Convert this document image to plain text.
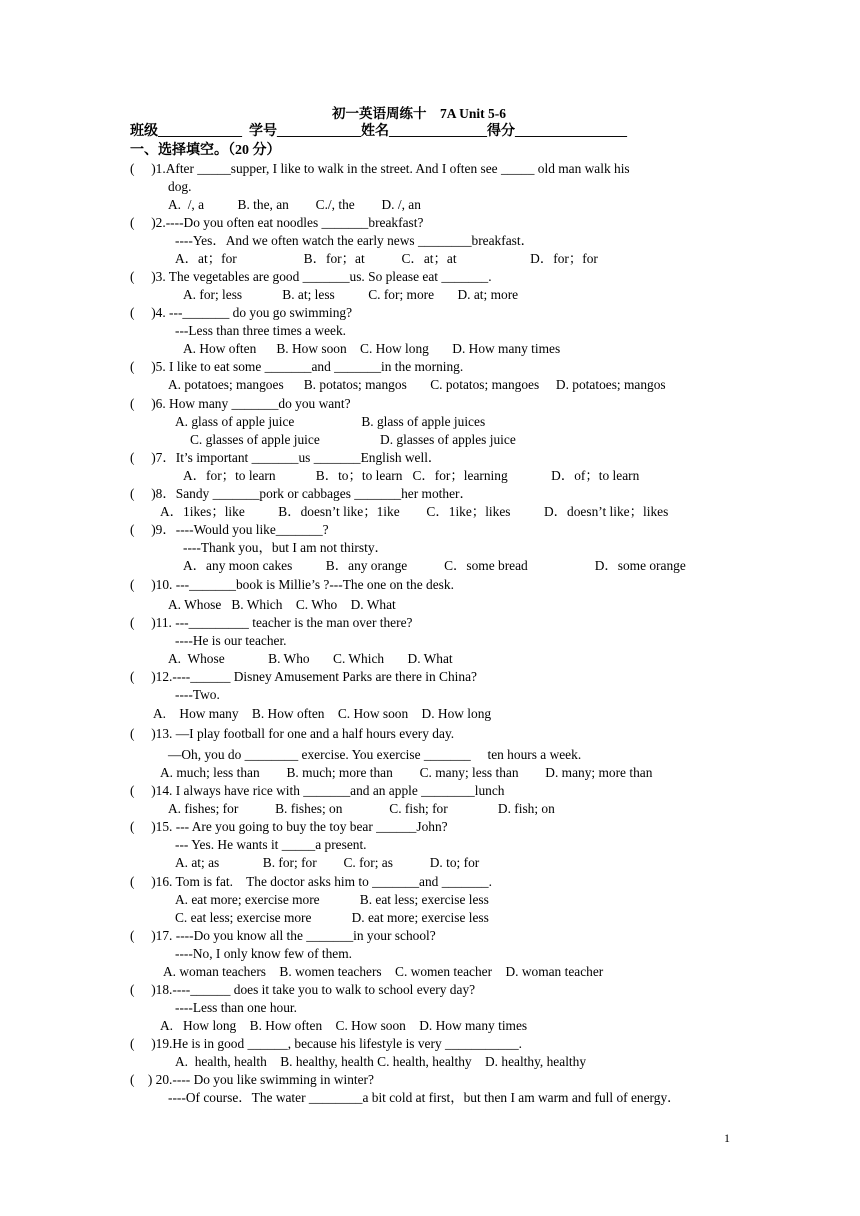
初一英语周练十    7A Unit 5-6
班级____________  学号____________姓名______________得分________________
一、选择填空。（20 分）
(     )1.After _____supper, I like to walk in the street. And I often see _____ old man walk his
dog.
A.  /, a          B. the, an        C./, the        D. /, an
(     )2.----Do you often eat noodles _______breakfast?
----Yes．And we often watch the early news ________breakfast．
A．at；for                    B．for；at           C．at；at                      D．for；for
(     )3. The vegetables are good _______us. So please eat _______.
A. for; less            B. at; less          C. for; more       D. at; more
(     )4. ---_______ do you go swimming?
---Less than three times a week.
A. How often      B. How soon    C. How long       D. How many times
(     )5. I like to eat some _______and _______in the morning.
A. potatoes; mangoes      B. potatos; mangos       C. potatos; mangoes     D. potatoes; mangos
(     )6. How many _______do you want?
A. glass of apple juice                    B. glass of apple juices
C. glasses of apple juice                  D. glasses of apples juice
(     )7．It’s important _______us _______English well．
A．for；to learn            B．to；to learn   C．for；learning             D．of；to learn
(     )8．Sandy _______pork or cabbages _______her mother．
A．1ikes；like          B．doesn’t like；1ike        C．1ike；likes          D．doesn’t like；likes
(     )9．----Would you like_______?
----Thank you，but I am not thirsty．
A．any moon cakes          B．any orange           C．some bread                    D．some orange
(     )10. ---_______book is Millie’s ?---The one on the desk.
A. Whose   B. Which    C. Who    D. What
(     )11. ---_________ teacher is the man over there?
----He is our teacher.
A.  Whose             B. Who       C. Which       D. What
(     )12.----______ Disney Amusement Parks are there in China?
----Two.
A.    How many    B. How often    C. How soon    D. How long
(     )13. —I play football for one and a half hours every day.
—Oh, you do ________ exercise. You exercise _______     ten hours a week.
A. much; less than        B. much; more than        C. many; less than        D. many; more than
(     )14. I always have rice with _______and an apple ________lunch
A. fishes; for           B. fishes; on              C. fish; for               D. fish; on
(     )15. --- Are you going to buy the toy bear ______John?
--- Yes. He wants it _____a present.
A. at; as             B. for; for        C. for; as           D. to; for
(     )16. Tom is fat.    The doctor asks him to _______and _______.
A. eat more; exercise more            B. eat less; exercise less
C. eat less; exercise more            D. eat more; exercise less
(     )17. ----Do you know all the _______in your school?
----No, I only know few of them.
A. woman teachers    B. women teachers    C. women teacher    D. woman teacher
(     )18.----______ does it take you to walk to school every day?
----Less than one hour.
A.   How long    B. How often    C. How soon    D. How many times
(     )19.He is in good ______, because his lifestyle is very ___________.
A.  health, health    B. healthy, health C. health, healthy    D. healthy, healthy
(    ) 20.---- Do you like swimming in winter?
----Of course．The water ________a bit cold at first，but then I am warm and full of energy．
1
